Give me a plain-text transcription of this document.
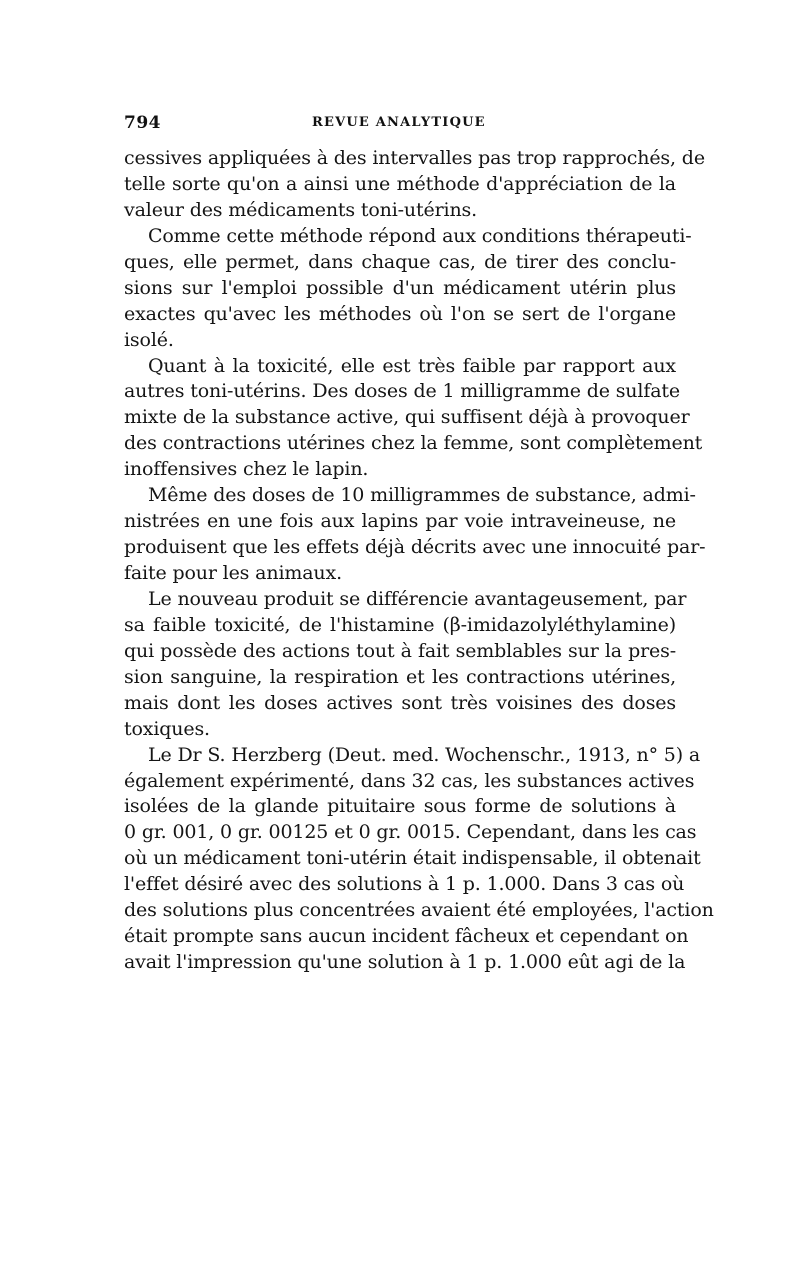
794	REVUE ANALYTIQUE
cessives appliquées à des intervalles pas trop rapprochés, de
telle sorte qu'on a ainsi une méthode d'appréciation de la
valeur des médicaments toni-utérins.
Comme cette méthode répond aux conditions thérapeuti-
ques, elle permet, dans chaque cas, de tirer des conclu-
sions sur l'emploi possible d'un médicament utérin plus
exactes qu'avec les méthodes où l'on se sert de l'organe
isolé.
Quant à la toxicité, elle est très faible par rapport aux
autres toni-utérins. Des doses de 1 milligramme de sulfate
mixte de la substance active, qui suffisent déjà à provoquer
des contractions utérines chez la femme, sont complètement
inoffensives chez le lapin.
Même des doses de 10 milligrammes de substance, admi-
nistrées en une fois aux lapins par voie intraveineuse, ne
produisent que les effets déjà décrits avec une innocuité par-
faite pour les animaux.
Le nouveau produit se différencie avantageusement, par
sa faible toxicité, de l'histamine (β-imidazolyléthylamine)
qui possède des actions tout à fait semblables sur la pres-
sion sanguine, la respiration et les contractions utérines,
mais dont les doses actives sont très voisines des doses
toxiques.
Le Dr S. Herzberg (Deut. med. Wochenschr., 1913, n° 5) a
également expérimenté, dans 32 cas, les substances actives
isolées de la glande pituitaire sous forme de solutions à
0 gr. 001, 0 gr. 00125 et 0 gr. 0015. Cependant, dans les cas
où un médicament toni-utérin était indispensable, il obtenait
l'effet désiré avec des solutions à 1 p. 1.000. Dans 3 cas où
des solutions plus concentrées avaient été employées, l'action
était prompte sans aucun incident fâcheux et cependant on
avait l'impression qu'une solution à 1 p. 1.000 eût agi de la
